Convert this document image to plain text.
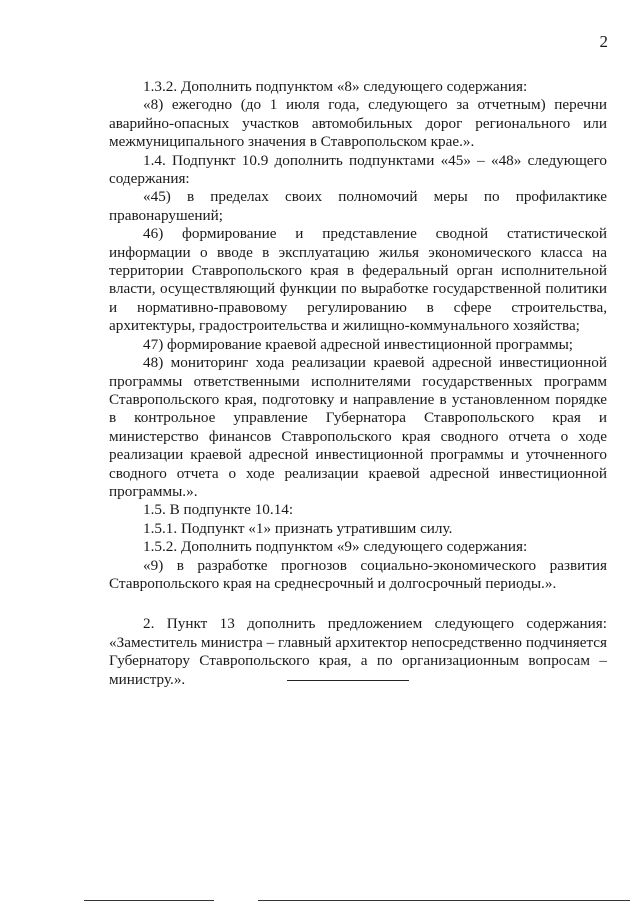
2

1.3.2. Дополнить подпунктом «8» следующего содержания:

«8) ежегодно (до 1 июля года, следующего за отчетным) перечни аварийно-опасных участков автомобильных дорог регионального или межмуниципального значения в Ставропольском крае.».

1.4. Подпункт 10.9 дополнить подпунктами «45» – «48» следующего содержания:

«45) в пределах своих полномочий меры по профилактике правонарушений;

46) формирование и представление сводной статистической информации о вводе в эксплуатацию жилья экономического класса на территории Ставропольского края в федеральный орган исполнительной власти, осуществляющий функции по выработке государственной политики и нормативно-правовому регулированию в сфере строительства, архитектуры, градостроительства и жилищно-коммунального хозяйства;

47) формирование краевой адресной инвестиционной программы;

48) мониторинг хода реализации краевой адресной инвестиционной программы ответственными исполнителями государственных программ Ставропольского края, подготовку и направление в установленном порядке в контрольное управление Губернатора Ставропольского края и министерство финансов Ставропольского края сводного отчета о ходе реализации краевой адресной инвестиционной программы и уточненного сводного отчета о ходе реализации краевой адресной инвестиционной программы.».

1.5. В подпункте 10.14:

1.5.1. Подпункт «1» признать утратившим силу.

1.5.2. Дополнить подпунктом «9» следующего содержания:

«9) в разработке прогнозов социально-экономического развития Ставропольского края на среднесрочный и долгосрочный периоды.».

2. Пункт 13 дополнить предложением следующего содержания: «Заместитель министра – главный архитектор непосредственно подчиняется Губернатору Ставропольского края, а по организационным вопросам – министру.».
